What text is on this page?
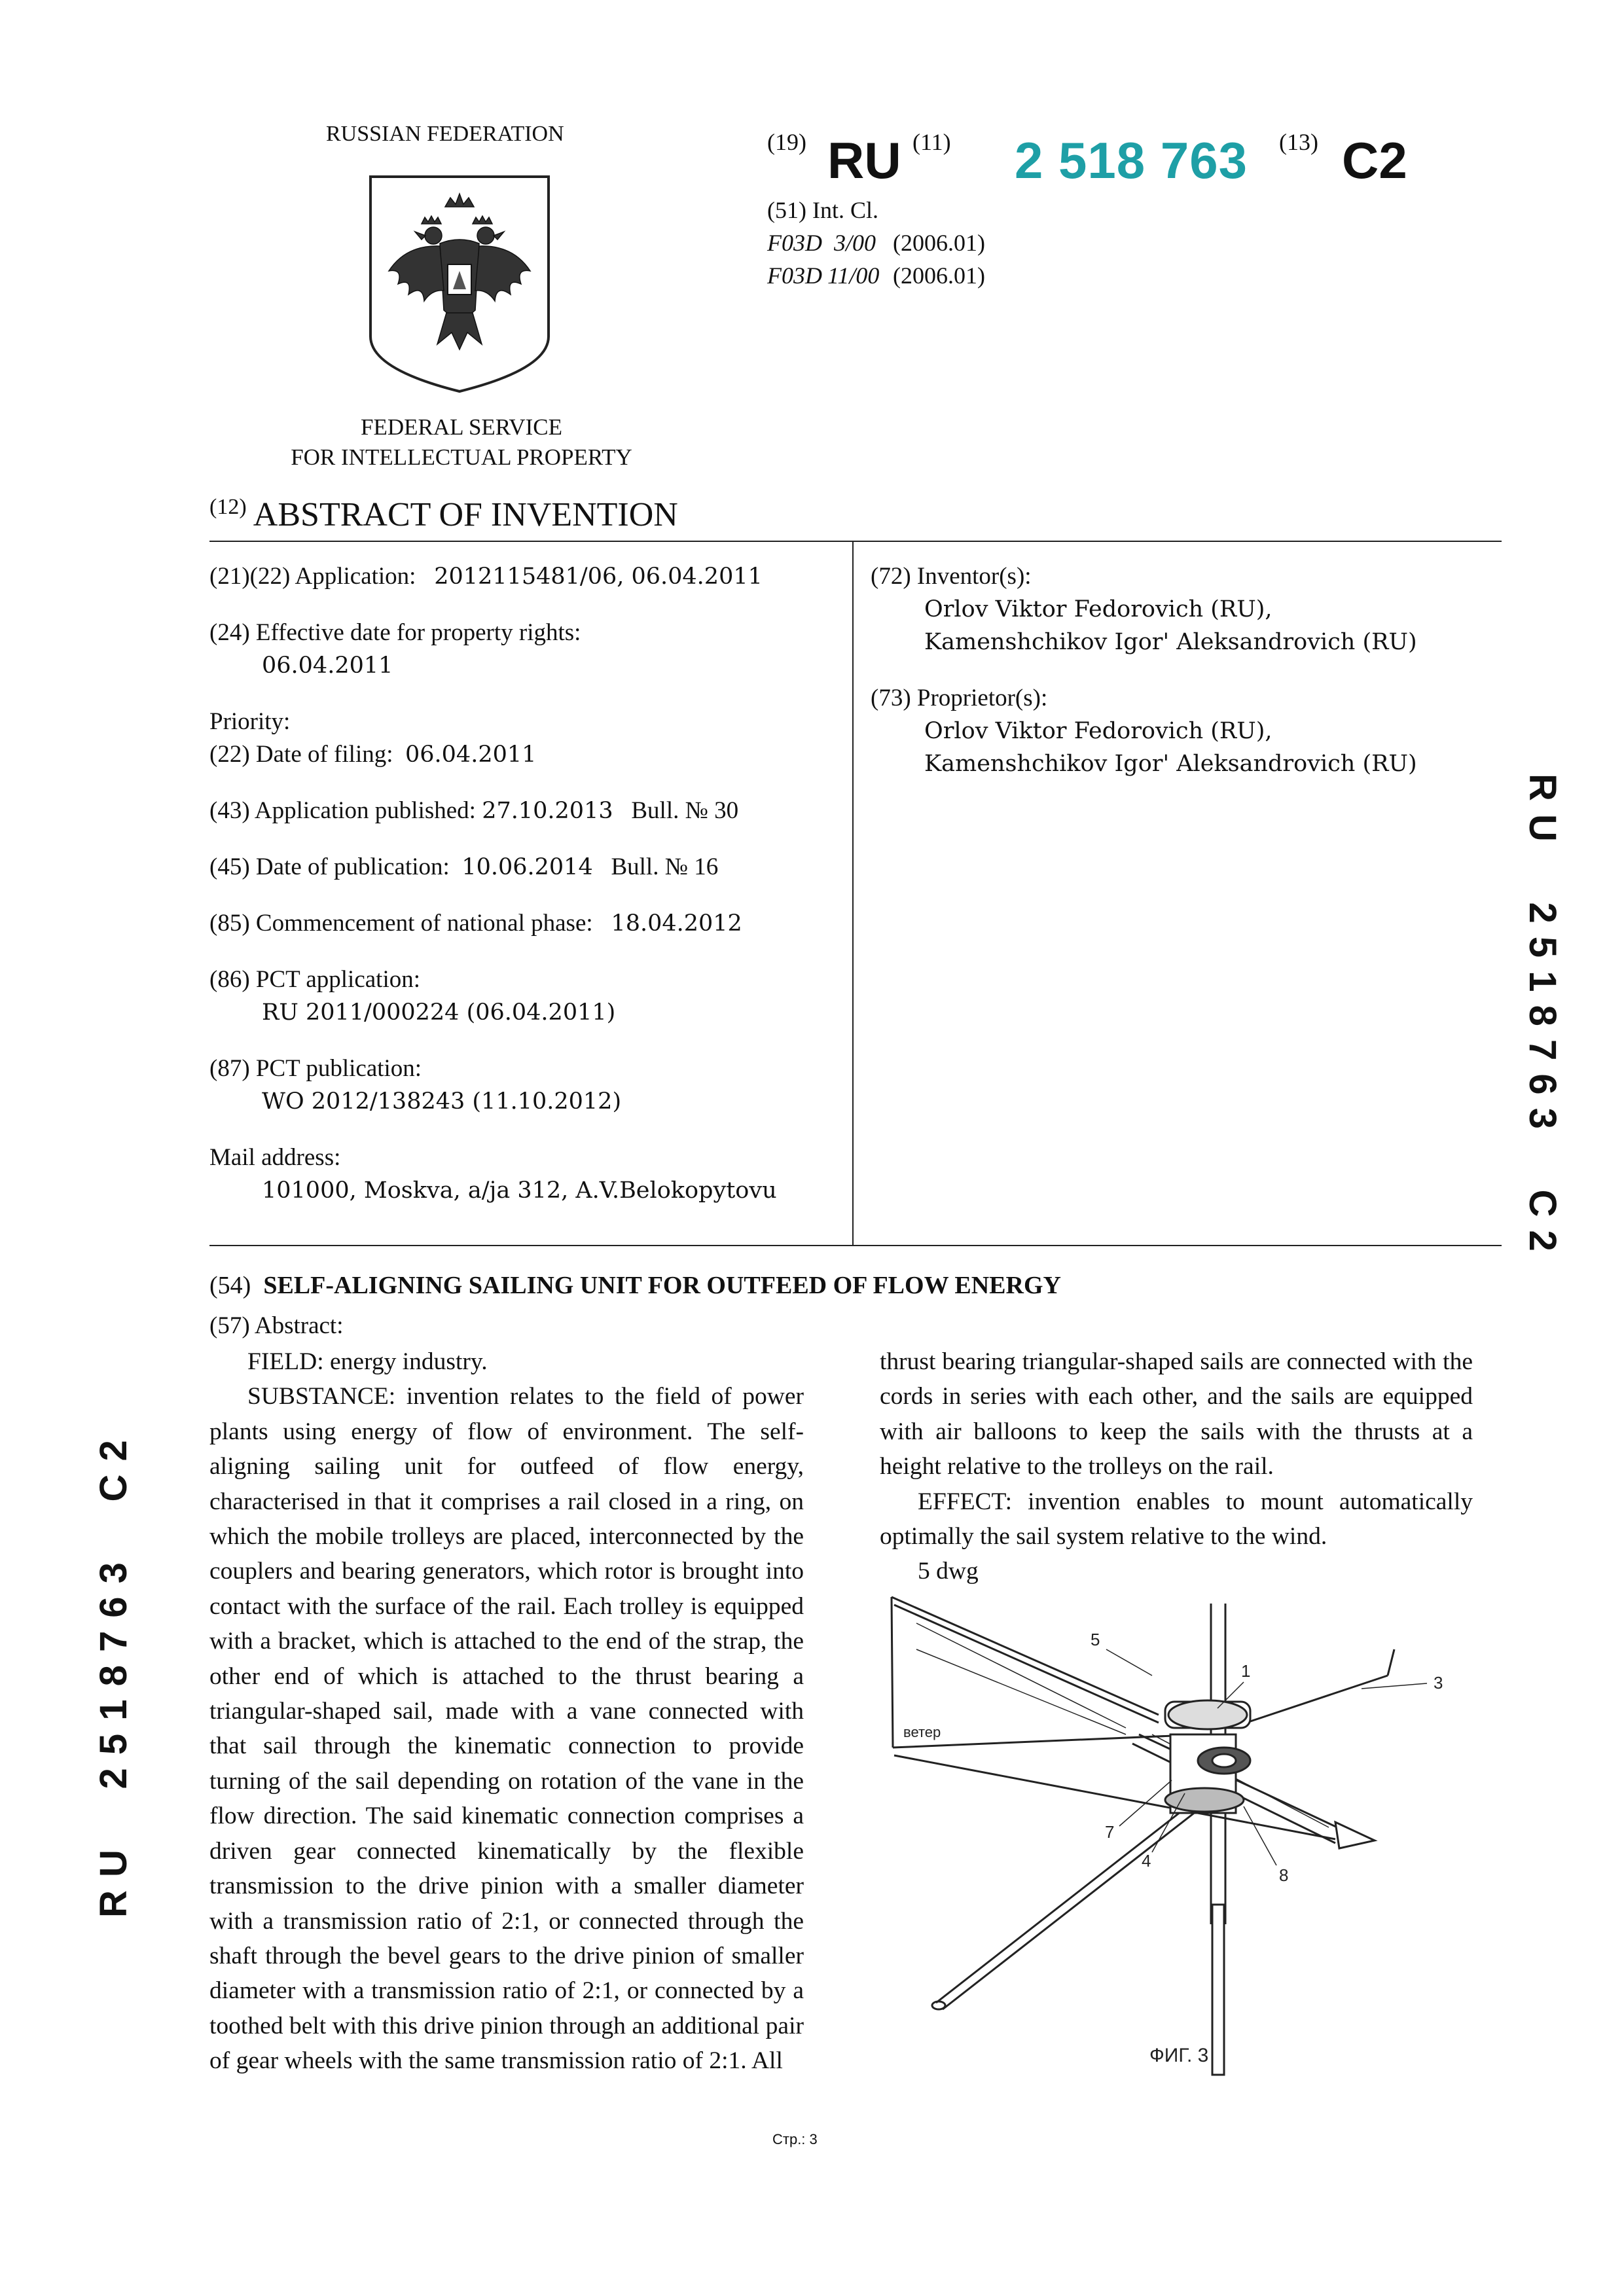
RUSSIAN FEDERATION
FEDERAL SERVICE
FOR INTELLECTUAL PROPERTY
(19) RU (11) 2 518 763 (13) C2
(51) Int. Cl.
F03D 3/00 (2006.01)
F03D 11/00 (2006.01)
$^{(12)}$ ABSTRACT OF INVENTION
(21)(22) Application: 2012115481/06, 06.04.2011
(24) Effective date for property rights:
06.04.2011
Priority:
(22) Date of filing: 06.04.2011
(43) Application published: 27.10.2013 Bull. № 30
(45) Date of publication: 10.06.2014 Bull. № 16
(85) Commencement of national phase: 18.04.2012
(86) PCT application:
RU 2011/000224 (06.04.2011)
(87) PCT publication:
WO 2012/138243 (11.10.2012)
Mail address:
101000, Moskva, a/ja 312, A.V.Belokopytovu
(72) Inventor(s):
Orlov Viktor Fedorovich (RU),
Kamenshchikov Igor' Aleksandrovich (RU)
(73) Proprietor(s):
Orlov Viktor Fedorovich (RU),
Kamenshchikov Igor' Aleksandrovich (RU)
R U     2 5 1 8 7 6 3     C 2
R U     2 5 1 8 7 6 3     C 2
(54) SELF-ALIGNING SAILING UNIT FOR OUTFEED OF FLOW ENERGY
(57) Abstract:

FIELD: energy industry.

SUBSTANCE: invention relates to the field of power plants using energy of flow of environment. The self-aligning sailing unit for outfeed of flow energy, characterised in that it comprises a rail closed in a ring, on which the mobile trolleys are placed, interconnected by the couplers and bearing generators, which rotor is brought into contact with the surface of the rail. Each trolley is equipped with a bracket, which is attached to the end of the strap, the other end of which is attached to the thrust bearing a triangular-shaped sail, made with a vane connected with that sail through the kinematic connection to provide turning of the sail depending on rotation of the vane in the flow direction. The said kinematic connection comprises a driven gear connected kinematically by the flexible transmission to the drive pinion with a smaller diameter with a transmission ratio of 2:1, or connected through the shaft through the bevel gears to the drive pinion of smaller diameter with a transmission ratio of 2:1, or connected by a toothed belt with this drive pinion through an additional pair of gear wheels with the same transmission ratio of 2:1. All

thrust bearing triangular-shaped sails are connected with the cords in series with each other, and the sails are equipped with air balloons to keep the sails with the thrusts at a height relative to the trolleys on the rail.

EFFECT: invention enables to mount automatically optimally the sail system relative to the wind.

5 dwg

ветер
5
1
3
7
4
8
ФИГ. 3
Стр.: 3
